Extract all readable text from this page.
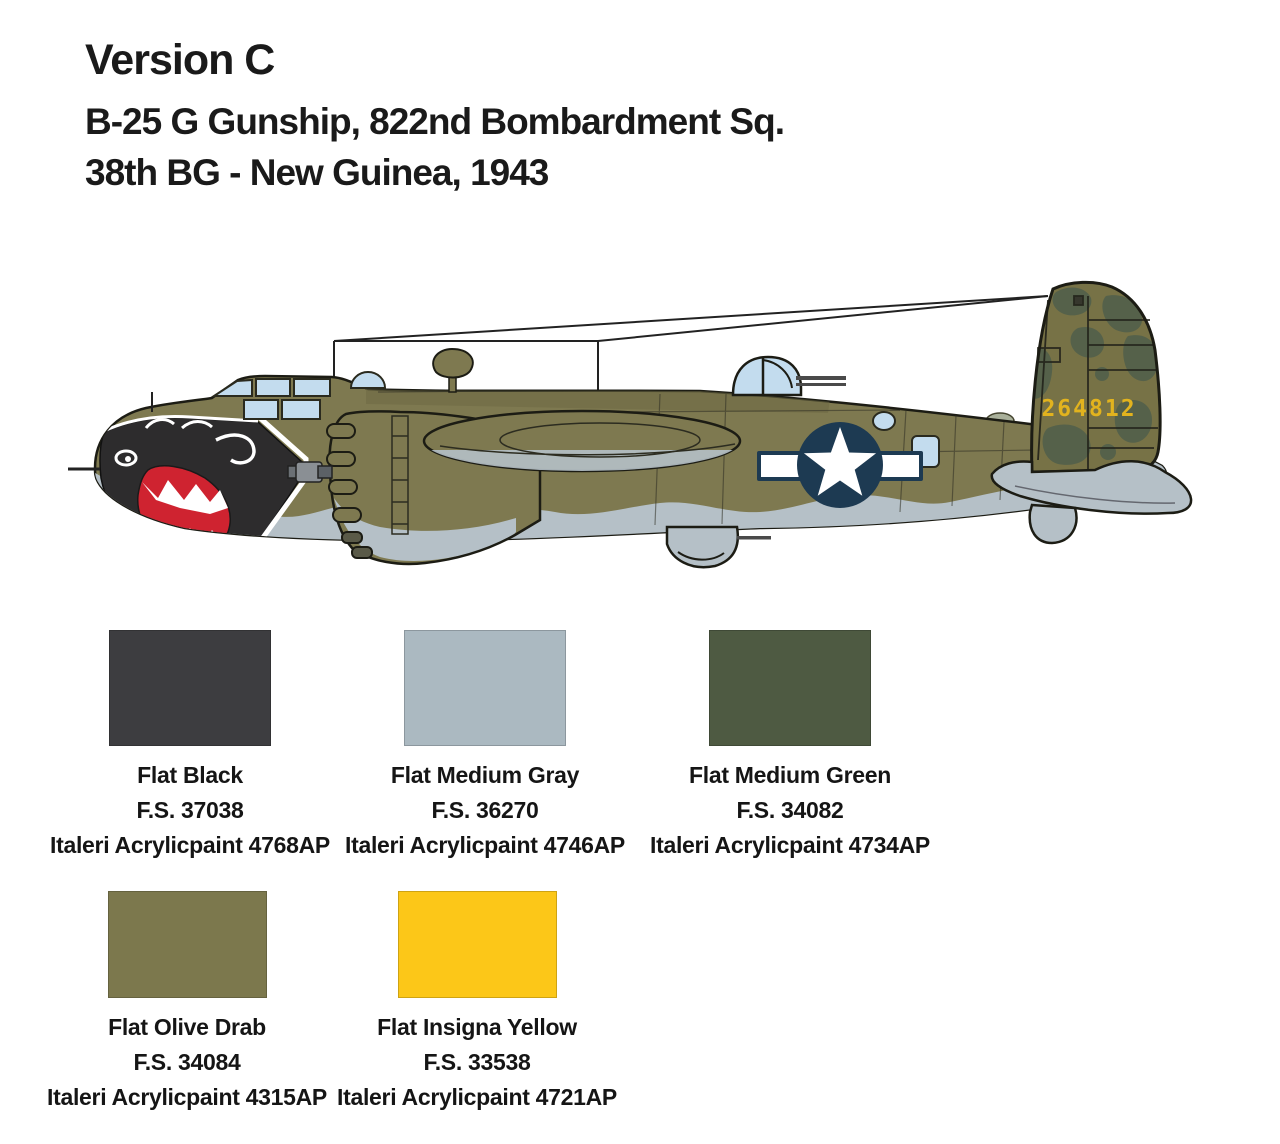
Version C
B-25 G Gunship, 822nd Bombardment Sq.
38th BG - New Guinea, 1943
264812
Flat Black
F.S. 37038
Italeri Acrylicpaint 4768AP
Flat Medium Gray
F.S. 36270
Italeri Acrylicpaint 4746AP
Flat Medium Green
F.S. 34082
Italeri Acrylicpaint 4734AP
Flat Olive Drab
F.S. 34084
Italeri Acrylicpaint 4315AP
Flat Insigna Yellow
F.S. 33538
Italeri Acrylicpaint 4721AP
